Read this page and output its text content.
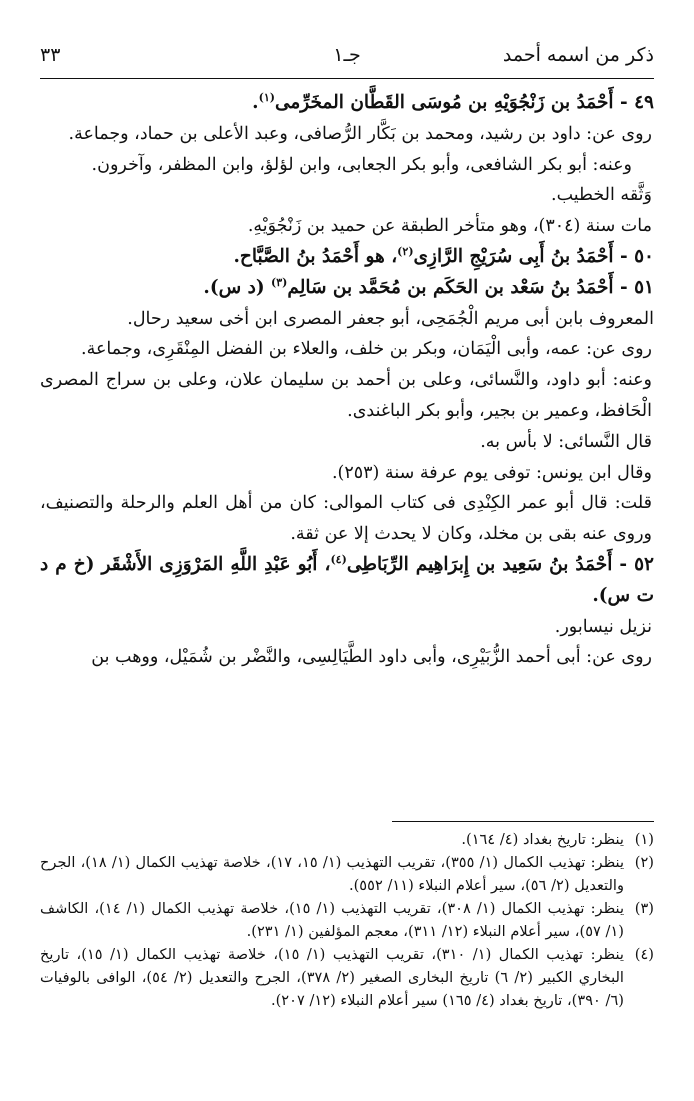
ذكر من اسمه أحمد
جـ١
٣٣

٤٩ - أَحْمَدُ بن زَنْجُوَيْهِ بن مُوسَى القَطَّان المخَرِّمى$^{(١)}$.

روى عن: داود بن رشيد، ومحمد بن بَكَّار الرُّصافى، وعبد الأعلى بن حماد، وجماعة.

وعنه: أبو بكر الشافعى، وأبو بكر الجعابى، وابن لؤلؤ، وابن المظفر، وآخرون.

وَثَّقه الخطيب.

مات سنة (٣٠٤)، وهو متأخر الطبقة عن حميد بن زَنْجُوَيْهِ.

٥٠ - أَحْمَدُ بنُ أَبِى سُرَيْجِ الرَّازِى$^{(٢)}$، هو أَحْمَدُ بنُ الصَّبَّاح.

٥١ - أَحْمَدُ بنُ سَعْد بن الحَكَم بن مُحَمَّد بن سَالِم$^{(٣)}$ (د س).

المعروف بابن أبى مريم الْجُمَحِى، أبو جعفر المصرى ابن أخى سعيد رحال.

روى عن: عمه، وأبى الْيَمَان، وبكر بن خلف، والعلاء بن الفضل المِنْقَرِى، وجماعة.

وعنه: أبو داود، والنَّسائى، وعلى بن أحمد بن سليمان علان، وعلى بن سراج المصرى الْحَافظ، وعمير بن بجير، وأبو بكر الباغندى.

قال النَّسائى: لا بأس به.

وقال ابن يونس: توفى يوم عرفة سنة (٢٥٣).

قلت: قال أبو عمر الكِنْدِى فى كتاب الموالى: كان من أهل العلم والرحلة والتصنيف، وروى عنه بقى بن مخلد، وكان لا يحدث إلا عن ثقة.

٥٢ - أَحْمَدُ بنُ سَعِيد بن إِبرَاهِيم الرِّبَاطِى$^{(٤)}$، أَبُو عَبْدِ اللَّهِ المَرْوَزِى الأَشْقَر (خ م د ت س).

نزيل نيسابور.

روى عن: أبى أحمد الزُّبَيْرِى، وأبى داود الطَّيَالِسِى، والنَّضْر بن شُمَيْل، ووهب بن

(١)
ينظر: تاريخ بغداد (٤/ ١٦٤).
(٢)
ينظر: تهذيب الكمال (١/ ٣٥٥)، تقريب التهذيب (١/ ١٥، ١٧)، خلاصة تهذيب الكمال (١/ ١٨)، الجرح والتعديل (٢/ ٥٦)، سير أعلام النبلاء (١١/ ٥٥٢).
(٣)
ينظر: تهذيب الكمال (١/ ٣٠٨)، تقريب التهذيب (١/ ١٥)، خلاصة تهذيب الكمال (١/ ١٤)، الكاشف (١/ ٥٧)، سير أعلام النبلاء (١٢/ ٣١١)، معجم المؤلفين (١/ ٢٣١).
(٤)
ينظر: تهذيب الكمال (١/ ٣١٠)، تقريب التهذيب (١/ ١٥)، خلاصة تهذيب الكمال (١/ ١٥)، تاريخ البخاري الكبير (٢/ ٦) تاريخ البخارى الصغير (٢/ ٣٧٨)، الجرح والتعديل (٢/ ٥٤)، الوافى بالوفيات (٦/ ٣٩٠)، تاريخ بغداد (٤/ ١٦٥) سير أعلام النبلاء (١٢/ ٢٠٧).
